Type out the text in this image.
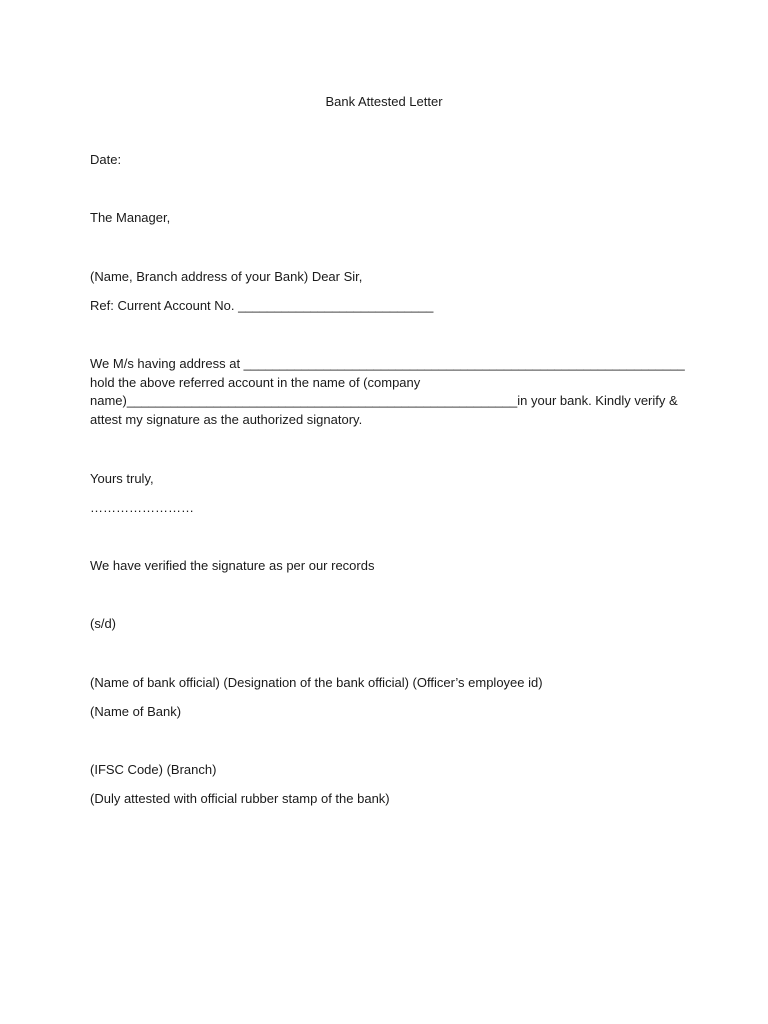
Bank Attested Letter

Date:

The Manager,

(Name, Branch address of your Bank) Dear Sir,

Ref: Current Account No. ___________________________

We M/s having address at _____________________________________________________________
hold the above referred account in the name of (company
name)______________________________________________________in your bank. Kindly verify &
attest my signature as the authorized signatory.

Yours truly,

……………………

We have verified the signature as per our records

(s/d)

(Name of bank official) (Designation of the bank official) (Officer’s employee id)

(Name of Bank)

(IFSC Code) (Branch)

(Duly attested with official rubber stamp of the bank)
